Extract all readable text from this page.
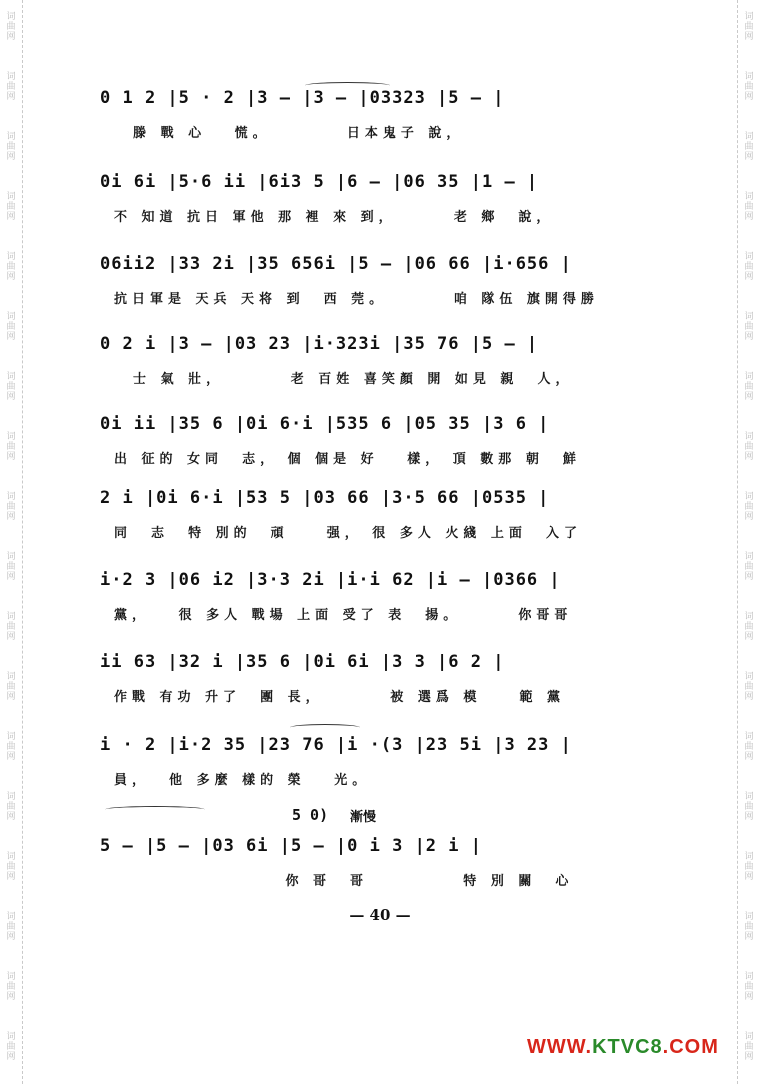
词
曲
网
词
曲
网
词
曲
网
词
曲
网
词
曲
网
词
曲
网
词
曲
网
词
曲
网
词
曲
网
词
曲
网
词
曲
网
词
曲
网
词
曲
网
词
曲
网
词
曲
网
词
曲
网
词
曲
网
词
曲
网
词
曲
网
词
曲
网
词
曲
网
词
曲
网
词
曲
网
词
曲
网
词
曲
网
词
曲
网
词
曲
网
词
曲
网
词
曲
网
词
曲
网
词
曲
网
词
曲
网
词
曲
网
词
曲
网
词
曲
网
词
曲
网
0 1 2 |5 · 2 |3 — |3 — |03323 |5 — |
滕 戰 心   慌。        日本鬼子 說，
0i 6i |5·6 ii |6i3 5 |6 — |06 35 |1 — |
不 知道 抗日 軍他 那 裡 來 到，      老 鄉  說，
06ii2 |33 2i |35 656i |5 — |06 66 |i·656 |
抗日軍是 天兵 天将 到  西 莞。       咱 隊伍 旗開得勝
0 2 i |3 — |03 23 |i·323i |35 76 |5 — |
士 氣 壯，       老 百姓 喜笑顏 開 如見 親  人，
0i ii |35 6 |0i 6·i |535 6 |05 35 |3 6 |
出 征的 女同  志， 個 個是 好   樣， 頂 數那 朝  鮮
2 i |0i 6·i |53 5 |03 66 |3·5 66 |0535 |
同  志  特 別的  頑    强， 很 多人 火綫 上面  入了
i·2 3 |06 i2 |3·3 2i |i·i 62 |i — |0366 |
黨，   很 多人 戰場 上面 受了 表  揚。      你哥哥
ii 63 |32 i |35 6 |0i 6i |3 3 |6 2 |
作戰 有功 升了  團 長，       被 選爲 模    範 黨
i · 2 |i·2 35 |23 76 |i ·(3 |23 5i |3 23 |
員，  他 多麼 樣的 榮   光。
5 — |5 — |03 6i |5 — |0 i 3 |2 i |
你 哥  哥          特 別 關  心
5 0) 漸慢
— 40 —
WWW.KTVC8.COM
